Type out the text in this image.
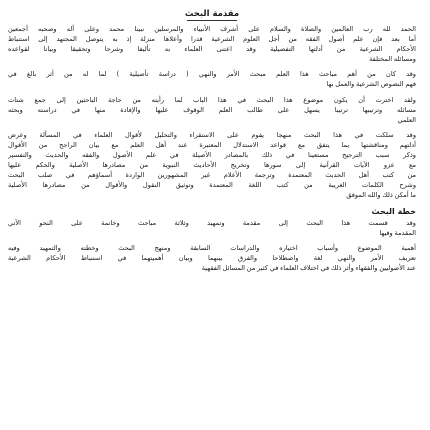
مقدمة البحث
الحمد لله رب العالمين والصلاة والسلام على أشرف الأنبياء والمرسلين نبينا محمد وعلى آله وصحبه أجمعين
أما بعد فإن علم أصول الفقه من أجل العلوم الشرعية قدرا وأعلاها منزلة إذ به يتوصل المجتهد إلى استنباط
الأحكام الشرعية من أدلتها التفصيلية وقد اعتنى العلماء به تأليفا وشرحا وتحقيقا وبيانا لقواعده
ومسائله المختلفة
وقد كان من أهم مباحث هذا العلم مبحث الأمر والنهي ( دراسة تأصيلية ) لما له من أثر بالغ في
فهم النصوص الشرعية والعمل بها
ولقد اخترت أن يكون موضوع هذا البحث في هذا الباب لما رأيته من حاجة الباحثين إلى جمع شتات
مسائله وترتيبها ترتيبا يسهل على طالب العلم الوقوف عليها والإفادة منها في دراسته وبحثه
العلمي
وقد سلكت في هذا البحث منهجا يقوم على الاستقراء والتحليل لأقوال العلماء في المسألة وعرض
أدلتهم ومناقشتها بما يتفق مع قواعد الاستدلال المعتبرة عند أهل العلم مع بيان الراجح من الأقوال
وذكر سبب الترجيح مستعينا في ذلك بالمصادر الأصيلة في علم الأصول والفقه والحديث والتفسير
مع عزو الآيات القرآنية إلى سورها وتخريج الأحاديث النبوية من مصادرها الأصلية والحكم عليها
من كتب أهل الحديث المعتمدة وترجمة الأعلام غير المشهورين الواردة أسماؤهم في صلب البحث
وشرح الكلمات الغريبة من كتب اللغة المعتمدة وتوثيق النقول والأقوال من مصادرها الأصلية
ما أمكن ذلك والله الموفق
خطة البحث
وقد قسمت هذا البحث إلى مقدمة وتمهيد وثلاثة مباحث وخاتمة على النحو الآتي
المقدمة وفيها
أهمية الموضوع وأسباب اختياره والدراسات السابقة ومنهج البحث وخطته والتمهيد وفيه
تعريف الأمر والنهي لغة واصطلاحا والفرق بينهما وبيان أهميتهما في استنباط الأحكام الشرعية
عند الأصوليين والفقهاء وأثر ذلك في اختلاف العلماء في كثير من المسائل الفقهية
